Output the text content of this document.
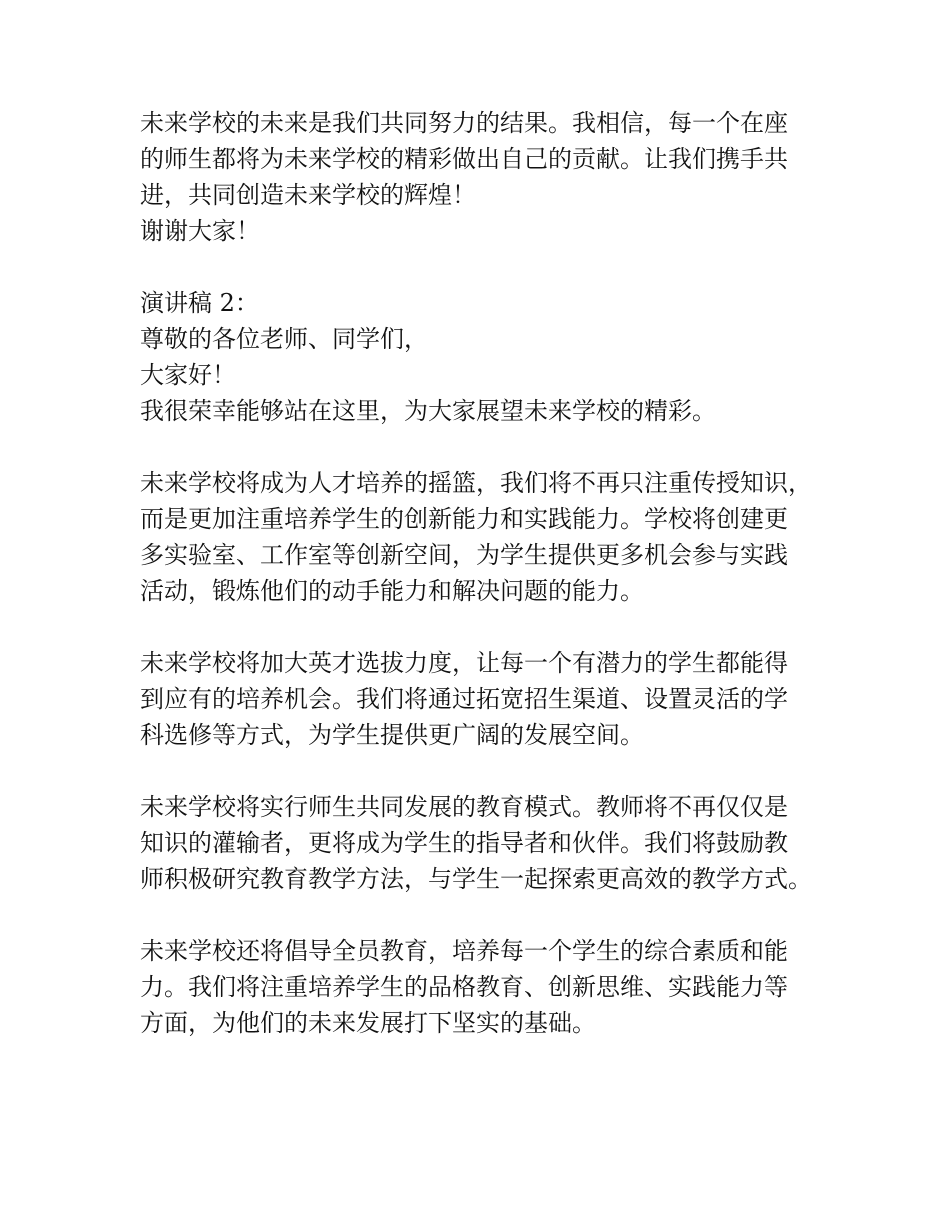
未来学校的未来是我们共同努力的结果。我相信，每一个在座
的师生都将为未来学校的精彩做出自己的贡献。让我们携手共
进，共同创造未来学校的辉煌！
谢谢大家！
演讲稿 2：
尊敬的各位老师、同学们，
大家好！
我很荣幸能够站在这里，为大家展望未来学校的精彩。
未来学校将成为人才培养的摇篮，我们将不再只注重传授知识，
而是更加注重培养学生的创新能力和实践能力。学校将创建更
多实验室、工作室等创新空间，为学生提供更多机会参与实践
活动，锻炼他们的动手能力和解决问题的能力。
未来学校将加大英才选拔力度，让每一个有潜力的学生都能得
到应有的培养机会。我们将通过拓宽招生渠道、设置灵活的学
科选修等方式，为学生提供更广阔的发展空间。
未来学校将实行师生共同发展的教育模式。教师将不再仅仅是
知识的灌输者，更将成为学生的指导者和伙伴。我们将鼓励教
师积极研究教育教学方法，与学生一起探索更高效的教学方式。
未来学校还将倡导全员教育，培养每一个学生的综合素质和能
力。我们将注重培养学生的品格教育、创新思维、实践能力等
方面，为他们的未来发展打下坚实的基础。
